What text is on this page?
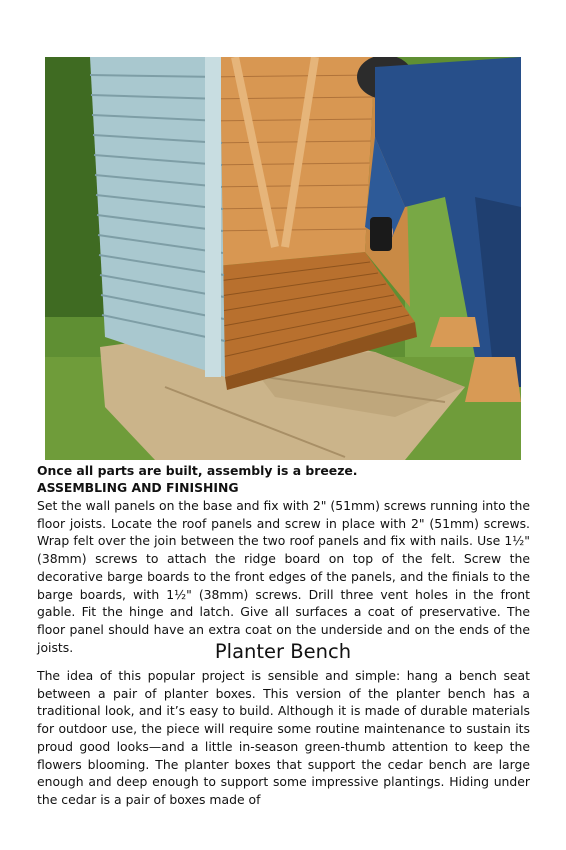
Once all parts are built, assembly is a breeze.

ASSEMBLING AND FINISHING

Set the wall panels on the base and fix with 2" (51mm) screws running into the floor joists. Locate the roof panels and screw in place with 2" (51mm) screws. Wrap felt over the join between the two roof panels and fix with nails. Use 1½" (38mm) screws to attach the ridge board on top of the felt. Screw the decorative barge boards to the front edges of the panels, and the finials to the barge boards, with 1½" (38mm) screws. Drill three vent holes in the front gable. Fit the hinge and latch. Give all surfaces a coat of preservative. The floor panel should have an extra coat on the underside and on the ends of the joists.	Planter Bench

The idea of this popular project is sensible and simple: hang a bench seat between a pair of planter boxes. This version of the planter bench has a traditional look, and it’s easy to build. Although it is made of durable materials for outdoor use, the piece will require some routine maintenance to sustain its proud good looks—and a little in-season green-thumb attention to keep the flowers blooming. The planter boxes that support the cedar bench are large enough and deep enough to support some impressive plantings. Hiding under the cedar is a pair of boxes made of
